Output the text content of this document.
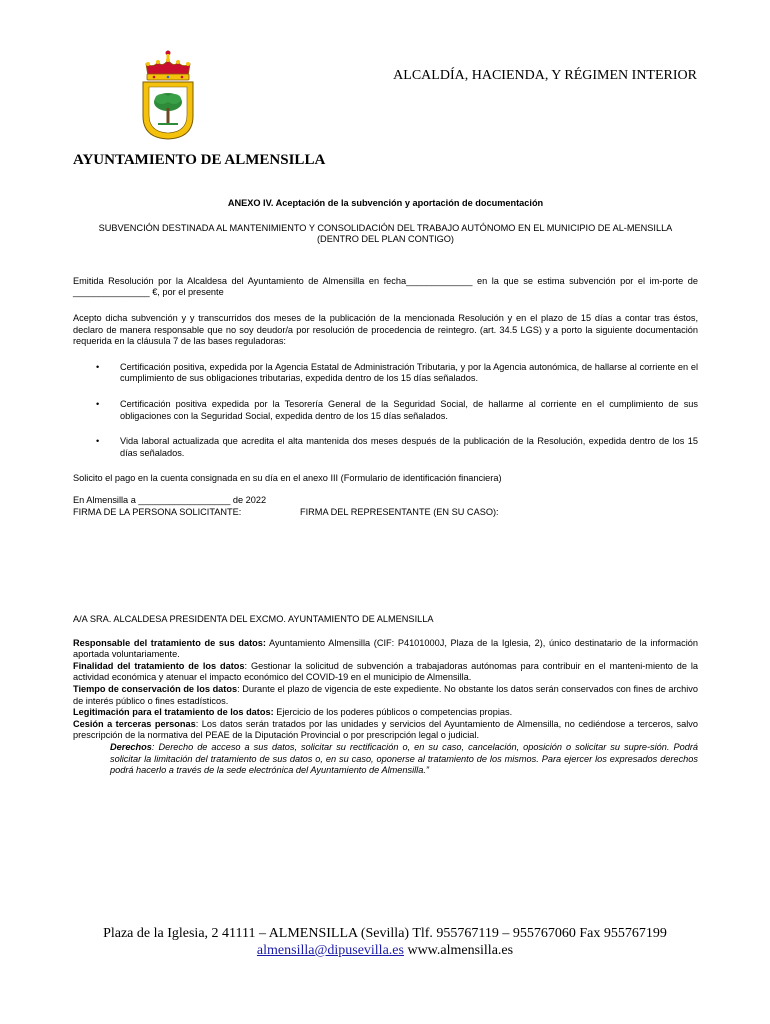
ALCALDÍA, HACIENDA, Y RÉGIMEN INTERIOR
AYUNTAMIENTO DE ALMENSILLA

ANEXO IV. Aceptación de la subvención y aportación de documentación

SUBVENCIÓN DESTINADA AL MANTENIMIENTO Y CONSOLIDACIÓN DEL TRABAJO AUTÓNOMO EN EL MUNICIPIO DE AL-MENSILLA (DENTRO DEL PLAN CONTIGO)

Emitida Resolución por la Alcaldesa del Ayuntamiento de Almensilla en fecha_____________ en la que se estima subvención por el im-porte de _______________ €, por el presente

Acepto dicha subvención y y transcurridos dos meses de la publicación de la mencionada Resolución y en el plazo de 15 días a contar tras éstos, declaro de manera responsable que no soy deudor/a por resolución de procedencia de reintegro. (art. 34.5 LGS) y a porto la siguiente documentación requerida en la cláusula 7 de las bases reguladoras:

• Certificación positiva, expedida por la Agencia Estatal de Administración Tributaria, y por la Agencia autonómica, de hallarse al corriente en el cumplimiento de sus obligaciones tributarias, expedida dentro de los 15 días señalados.
• Certificación positiva expedida por la Tesorería General de la Seguridad Social, de hallarme al corriente en el cumplimiento de sus obligaciones con la Seguridad Social, expedida dentro de los 15 días señalados.
• Vida laboral actualizada que acredita el alta mantenida dos meses después de la publicación de la Resolución, expedida dentro de los 15 días señalados.

Solicito el pago en la cuenta consignada en su día en el anexo III (Formulario de identificación financiera)

En Almensilla a __________________ de 2022

FIRMA DE LA PERSONA SOLICITANTE:	FIRMA DEL REPRESENTANTE (EN SU CASO):

A/A SRA. ALCALDESA PRESIDENTA DEL EXCMO. AYUNTAMIENTO DE ALMENSILLA

Responsable del tratamiento de sus datos: Ayuntamiento Almensilla (CIF: P4101000J, Plaza de la Iglesia, 2), único destinatario de la información aportada voluntariamente.

Finalidad del tratamiento de los datos: Gestionar la solicitud de subvención a trabajadoras autónomas para contribuir en el manteni-miento de la actividad económica y atenuar el impacto económico del COVID-19 en el municipio de Almensilla.

Tiempo de conservación de los datos: Durante el plazo de vigencia de este expediente. No obstante los datos serán conservados con fines de archivo de interés público o fines estadísticos.

Legitimación para el tratamiento de los datos: Ejercicio de los poderes públicos o competencias propias.

Cesión a terceras personas: Los datos serán tratados por las unidades y servicios del Ayuntamiento de Almensilla, no cediéndose a terceros, salvo prescripción de la normativa del PEAE de la Diputación Provincial o por prescripción legal o judicial.

Derechos: Derecho de acceso a sus datos, solicitar su rectificación o, en su caso, cancelación, oposición o solicitar su supre-sión. Podrá solicitar la limitación del tratamiento de sus datos o, en su caso, oponerse al tratamiento de los mismos. Para ejercer los expresados derechos podrá hacerlo a través de la sede electrónica del Ayuntamiento de Almensilla.”

Plaza de la Iglesia, 2 41111 – ALMENSILLA (Sevilla) Tlf. 955767119 – 955767060 Fax 955767199
almensilla@dipusevilla.es www.almensilla.es
